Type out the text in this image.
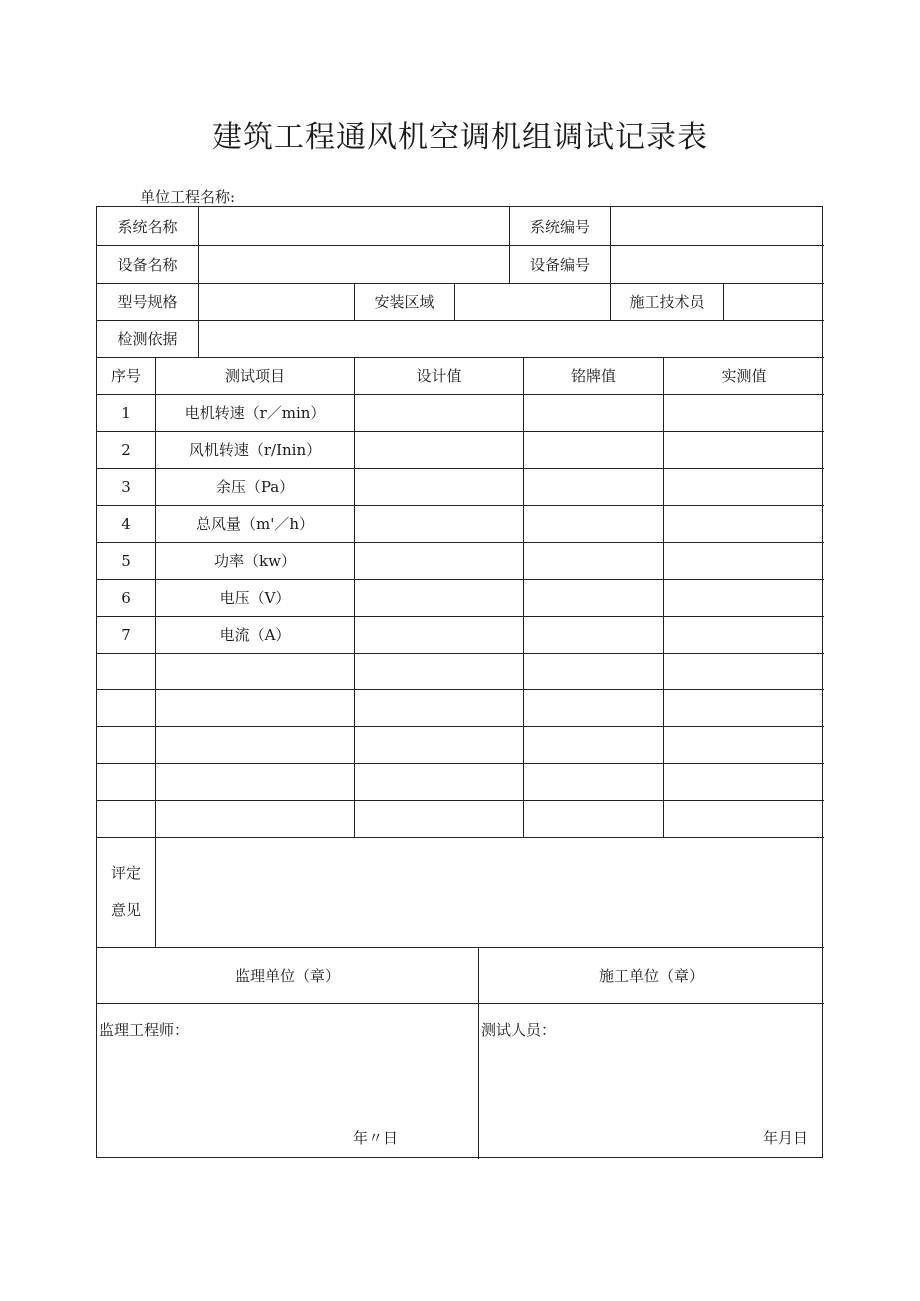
建筑工程通风机空调机组调试记录表
单位工程名称:
系统名称	系统编号
设备名称	设备编号
型号规格	安装区域	施工技术员
检测依据
序号	测试项目	设计值	铭牌值	实测值
1	电机转速（r／min）
2	风机转速（r/Inin）
3	余压（Pa）
4	总风量（m'／h）
5	功率（kw）
6	电压（V）
7	电流（A）
评定
意见
监理单位（章）	施工单位（章）
监理工程师：	测试人员：
年〃日	年月日
